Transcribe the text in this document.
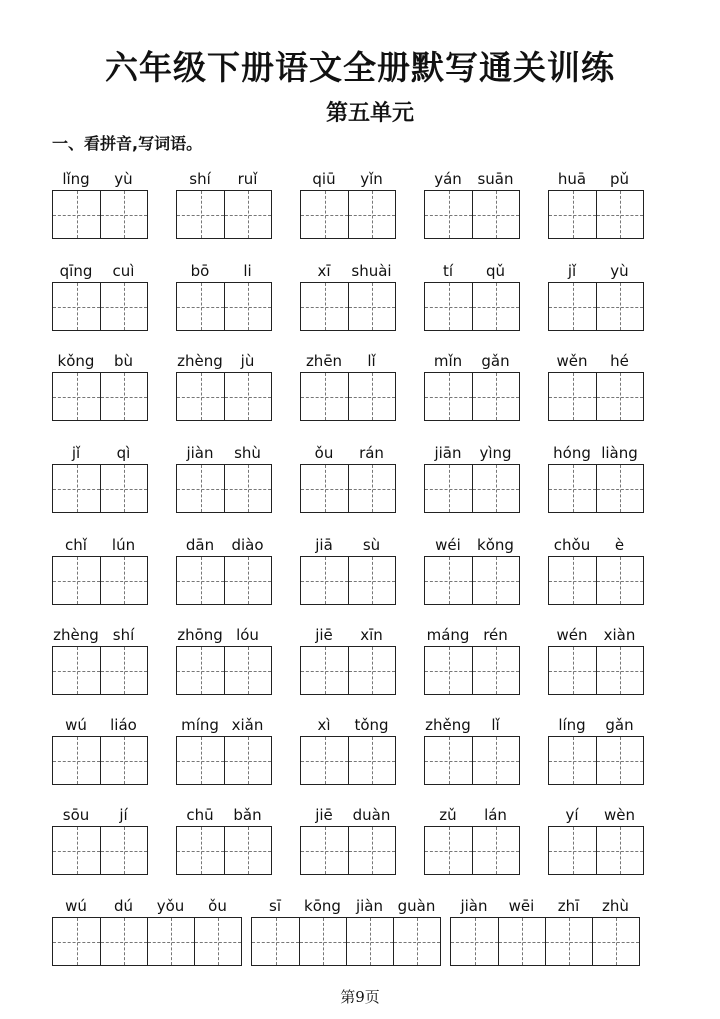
六年级下册语文全册默写通关训练
第五单元
一、看拼音,写词语。
lǐng	yù	shí	ruǐ	qiū	yǐn	yán	suān	huā	pǔ
qīng	cuì	bō	li	xī	shuài	tí	qǔ	jǐ	yù
kǒng	bù	zhèng	jù	zhēn	lǐ	mǐn	gǎn	wěn	hé
jǐ	qì	jiàn	shù	ǒu	rán	jiān	yìng	hóng liàng
chǐ	lún	dān	diào	jiā	sù	wéi	kǒng	chǒu	è
zhèng shí	zhōng lóu	jiē	xīn	máng rén	wén	xiàn
wú	liáo	míng xiǎn	xì	tǒng	zhěng	lǐ	líng	gǎn
sōu	jí	chū	bǎn	jiē	duàn	zǔ	lán	yí	wèn
wú	dú	yǒu	ǒu	sī	kōng	jiàn guàn	jiàn	wēi	zhī	zhù
第9页
